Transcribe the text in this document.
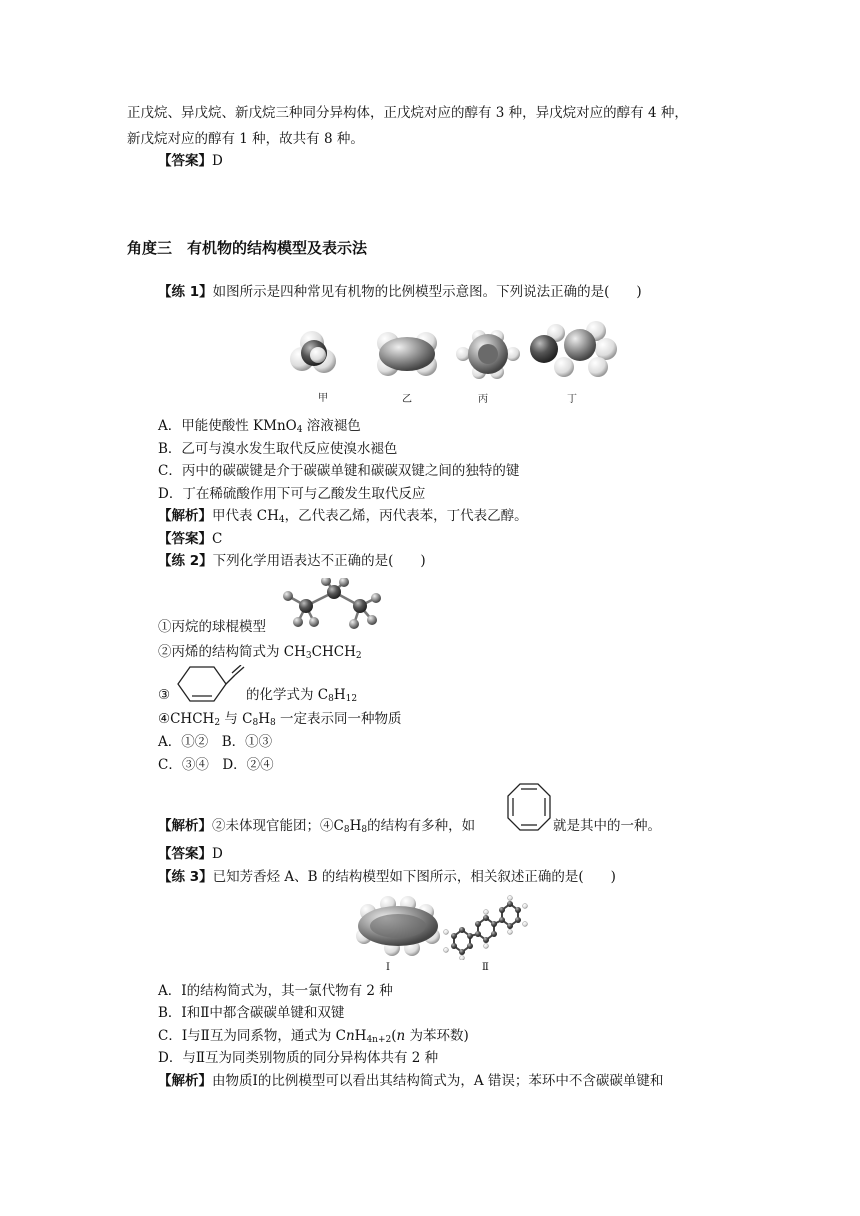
正戊烷、异戊烷、新戊烷三种同分异构体，正戊烷对应的醇有 3 种，异戊烷对应的醇有 4 种，
新戊烷对应的醇有 1 种，故共有 8 种。
【答案】D
角度三　有机物的结构模型及表示法
【练 1】如图所示是四种常见有机物的比例模型示意图。下列说法正确的是(　　)
甲	乙	丙	丁
A．甲能使酸性 KMnO$_4$ 溶液褪色
B．乙可与溴水发生取代反应使溴水褪色
C．丙中的碳碳键是介于碳碳单键和碳碳双键之间的独特的键
D．丁在稀硫酸作用下可与乙酸发生取代反应
【解析】甲代表 $CH_4$，乙代表乙烯，丙代表苯，丁代表乙醇。
【答案】C
【练 2】下列化学用语表达不正确的是(　　)
①丙烷的球棍模型
②丙烯的结构简式为 $CH_3CHCH_2$
③	的化学式为 $C_8H_{12}$
$④CHCH_2$ 与 $C_8H_8$ 一定表示同一种物质
A．①②　B．①③
C．③④　D．②④
【解析】②未体现官能团；$④C_8H_8$的结构有多种，如	就是其中的一种。
【答案】D
【练 3】已知芳香烃 A、B 的结构模型如下图所示，相关叙述正确的是(　　)
Ⅰ	Ⅱ
A．Ⅰ的结构简式为，其一氯代物有 2 种
B．Ⅰ和Ⅱ中都含碳碳单键和双键
C．Ⅰ与Ⅱ互为同系物，通式为 CnH$_{4n+2}$(n 为苯环数)
D．与Ⅱ互为同类别物质的同分异构体共有 2 种
【解析】由物质Ⅰ的比例模型可以看出其结构简式为，A 错误；苯环中不含碳碳单键和
